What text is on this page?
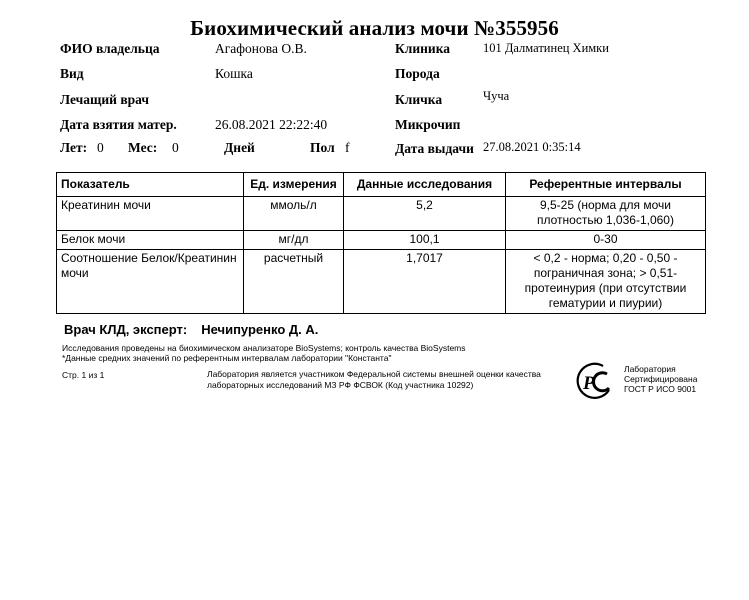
Биохимический анализ мочи №355956
ФИО владельца	Агафонова О.В.
Вид	Кошка
Лечащий врач
Дата взятия матер.	26.08.2021 22:22:40
Лет: 0 Мес: 0	Дней	Пол f
Клиника	101 Далматинец Химки
Порода
Кличка	Чуча
Микрочип
Дата выдачи 27.08.2021 0:35:14
Показатель	Ед. измерения	Данные исследования	Референтные интервалы
Креатинин мочи	ммоль/л	5,2	9,5-25 (норма для мочи плотностью 1,036-1,060)
Белок мочи	мг/дл	100,1	0-30
Соотношение Белок/Креатинин мочи	расчетный	1,7017	< 0,2 - норма; 0,20 - 0,50 - пограничная зона; > 0,51- протеинурия (при отсутствии гематурии и пиурии)
Врач КЛД, эксперт: Нечипуренко Д. А.
Исследования проведены на биохимическом анализаторе BioSystems; контроль качества BioSystems
*Данные средних значений по референтным интервалам лаборатории "Константа"
Стр. 1 из 1	Лаборатория является участником Федеральной системы внешней оценки качества лабораторных исследований МЗ РФ ФСВОК (Код участника 10292)	P
Лаборатория
Сертифицирована
ГОСТ Р ИСО 9001
